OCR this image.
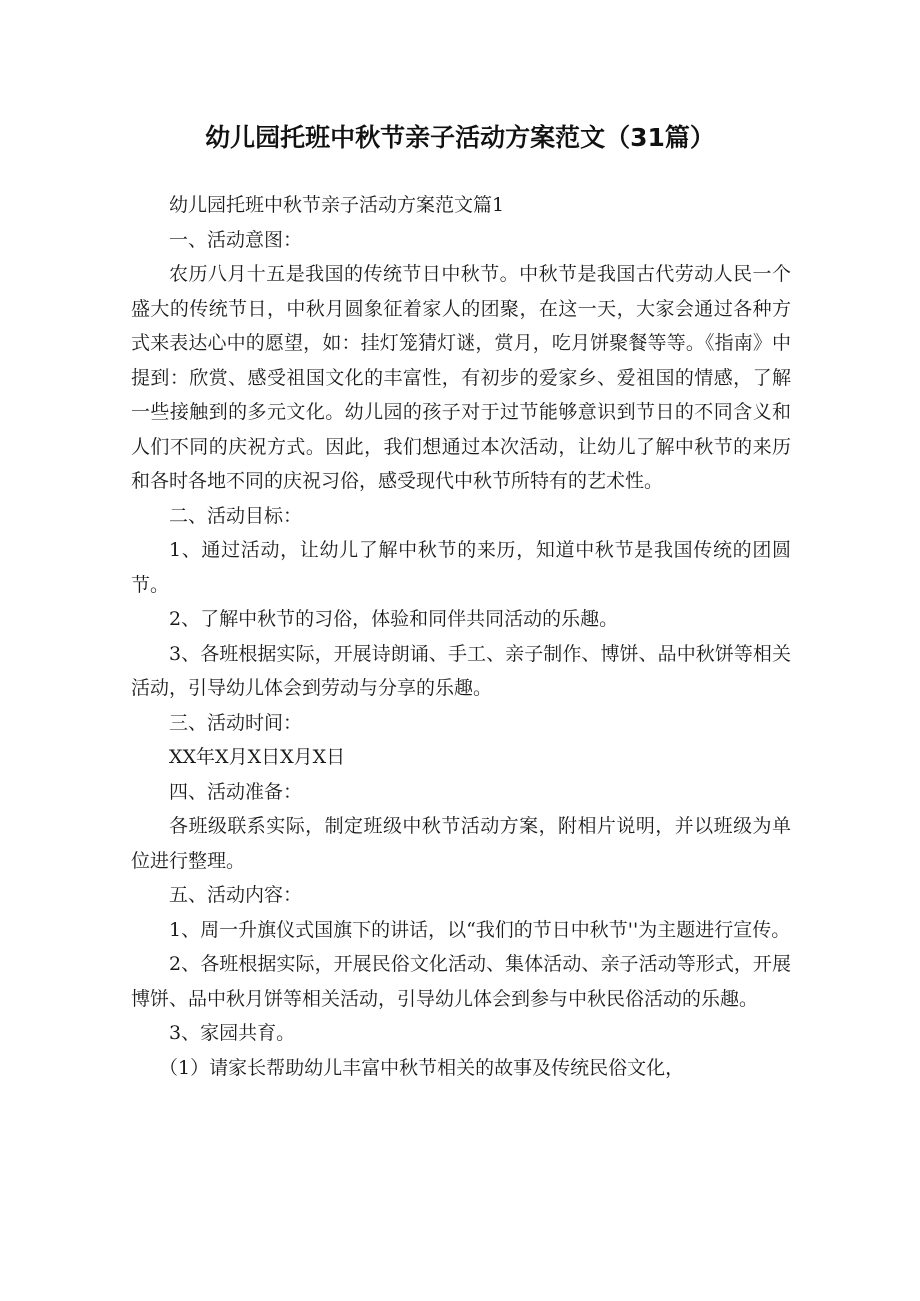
幼儿园托班中秋节亲子活动方案范文（31篇）

幼儿园托班中秋节亲子活动方案范文篇1

一、活动意图：

农历八月十五是我国的传统节日中秋节。中秋节是我国古代劳动人民一个盛大的传统节日，中秋月圆象征着家人的团聚，在这一天，大家会通过各种方式来表达心中的愿望，如：挂灯笼猜灯谜，赏月，吃月饼聚餐等等。《指南》中提到：欣赏、感受祖国文化的丰富性，有初步的爱家乡、爱祖国的情感，了解一些接触到的多元文化。幼儿园的孩子对于过节能够意识到节日的不同含义和人们不同的庆祝方式。因此，我们想通过本次活动，让幼儿了解中秋节的来历和各时各地不同的庆祝习俗，感受现代中秋节所特有的艺术性。

二、活动目标：

1、通过活动，让幼儿了解中秋节的来历，知道中秋节是我国传统的团圆节。

2、了解中秋节的习俗，体验和同伴共同活动的乐趣。

3、各班根据实际，开展诗朗诵、手工、亲子制作、博饼、品中秋饼等相关活动，引导幼儿体会到劳动与分享的乐趣。

三、活动时间：

XX年X月X日X月X日

四、活动准备：

各班级联系实际，制定班级中秋节活动方案，附相片说明，并以班级为单位进行整理。

五、活动内容：

1、周一升旗仪式国旗下的讲话，以“我们的节日中秋节''为主题进行宣传。

2、各班根据实际，开展民俗文化活动、集体活动、亲子活动等形式，开展博饼、品中秋月饼等相关活动，引导幼儿体会到参与中秋民俗活动的乐趣。

3、家园共育。

（1）请家长帮助幼儿丰富中秋节相关的故事及传统民俗文化，
